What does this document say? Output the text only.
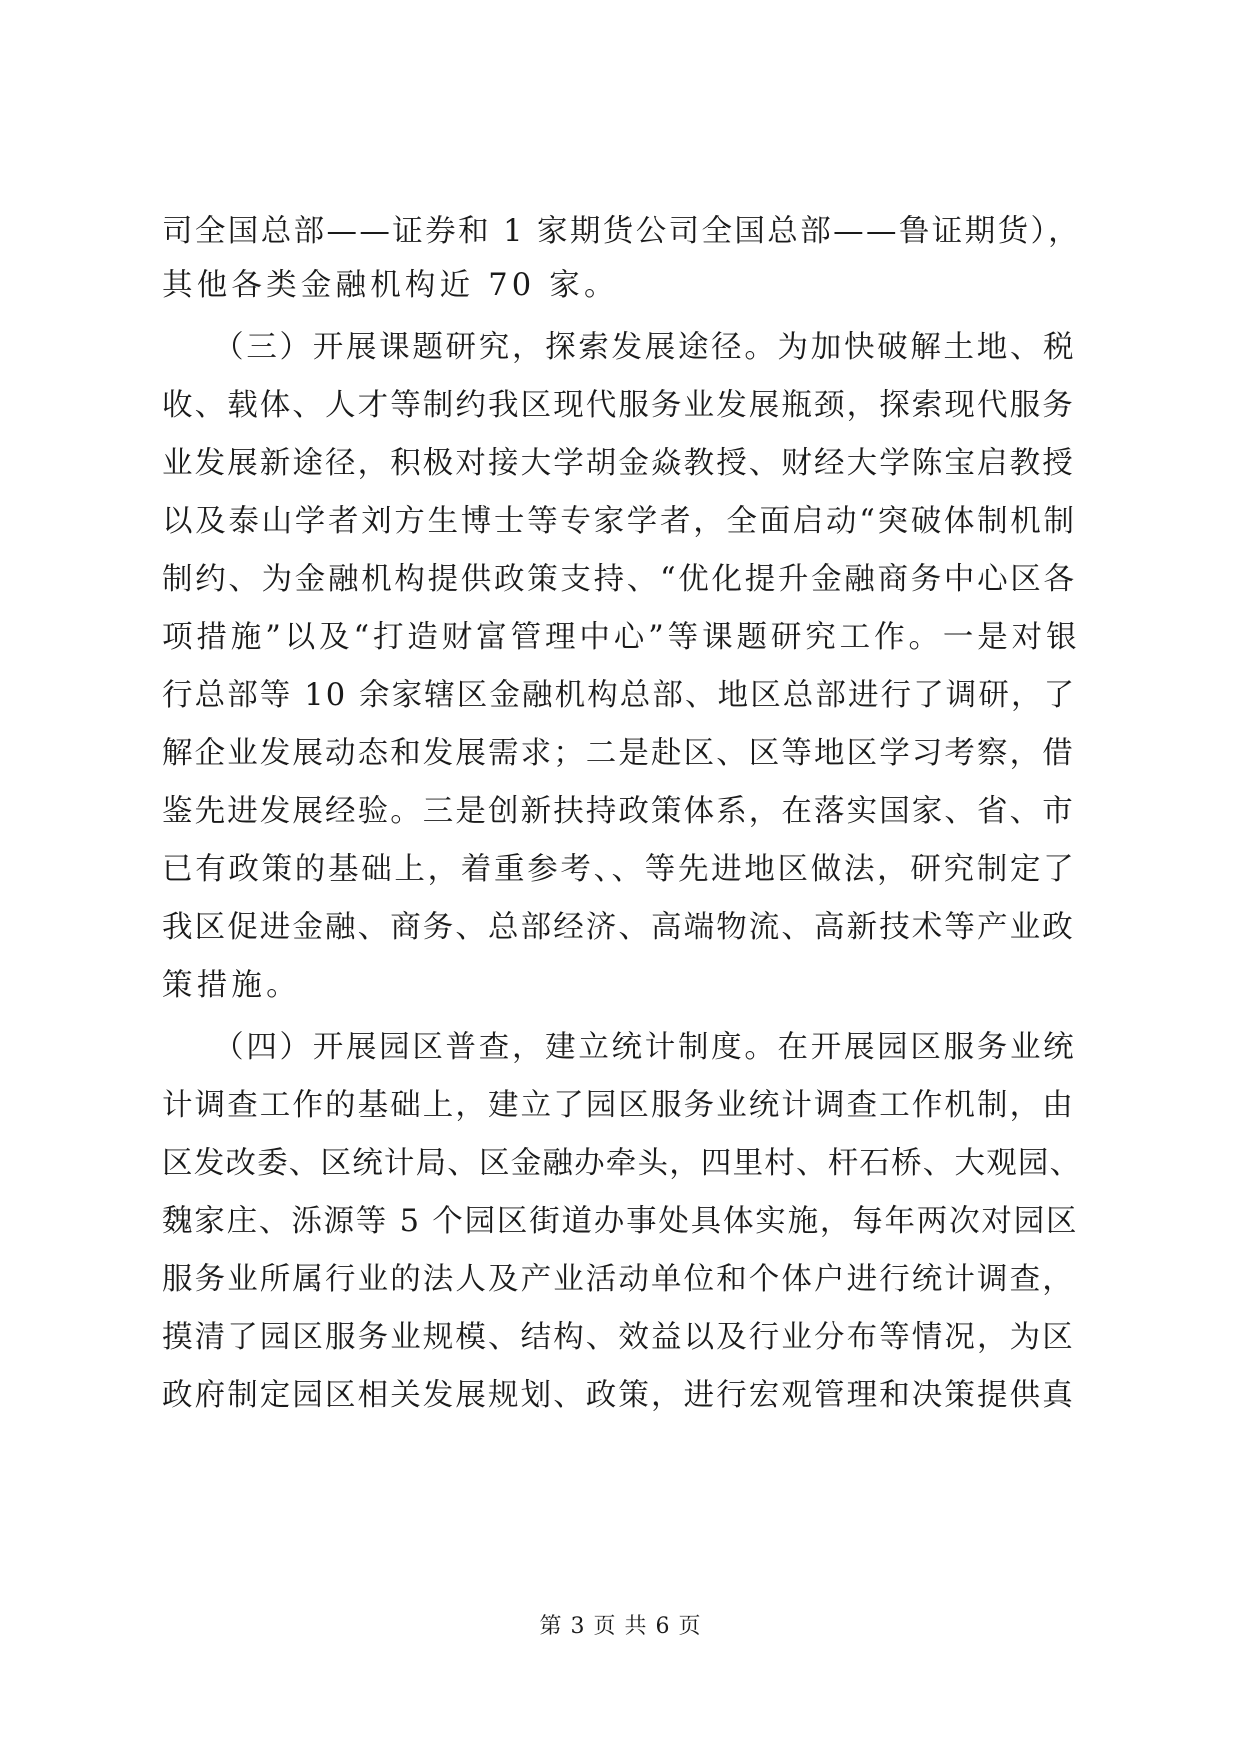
司全国总部——证券和 1 家期货公司全国总部——鲁证期货），
其他各类金融机构近 70 家。
　　（三）开展课题研究，探索发展途径。为加快破解土地、税
收、载体、人才等制约我区现代服务业发展瓶颈，探索现代服务
业发展新途径，积极对接大学胡金焱教授、财经大学陈宝启教授
以及泰山学者刘方生博士等专家学者，全面启动“突破体制机制
制约、为金融机构提供政策支持、“优化提升金融商务中心区各
项措施”以及“打造财富管理中心”等课题研究工作。一是对银
行总部等 10 余家辖区金融机构总部、地区总部进行了调研，了
解企业发展动态和发展需求；二是赴区、区等地区学习考察，借
鉴先进发展经验。三是创新扶持政策体系，在落实国家、省、市
已有政策的基础上，着重参考、、等先进地区做法，研究制定了
我区促进金融、商务、总部经济、高端物流、高新技术等产业政
策措施。
　　（四）开展园区普查，建立统计制度。在开展园区服务业统
计调查工作的基础上，建立了园区服务业统计调查工作机制，由
区发改委、区统计局、区金融办牵头，四里村、杆石桥、大观园、
魏家庄、泺源等 5 个园区街道办事处具体实施，每年两次对园区
服务业所属行业的法人及产业活动单位和个体户进行统计调查，
摸清了园区服务业规模、结构、效益以及行业分布等情况，为区
政府制定园区相关发展规划、政策，进行宏观管理和决策提供真
第 3 页 共 6 页
